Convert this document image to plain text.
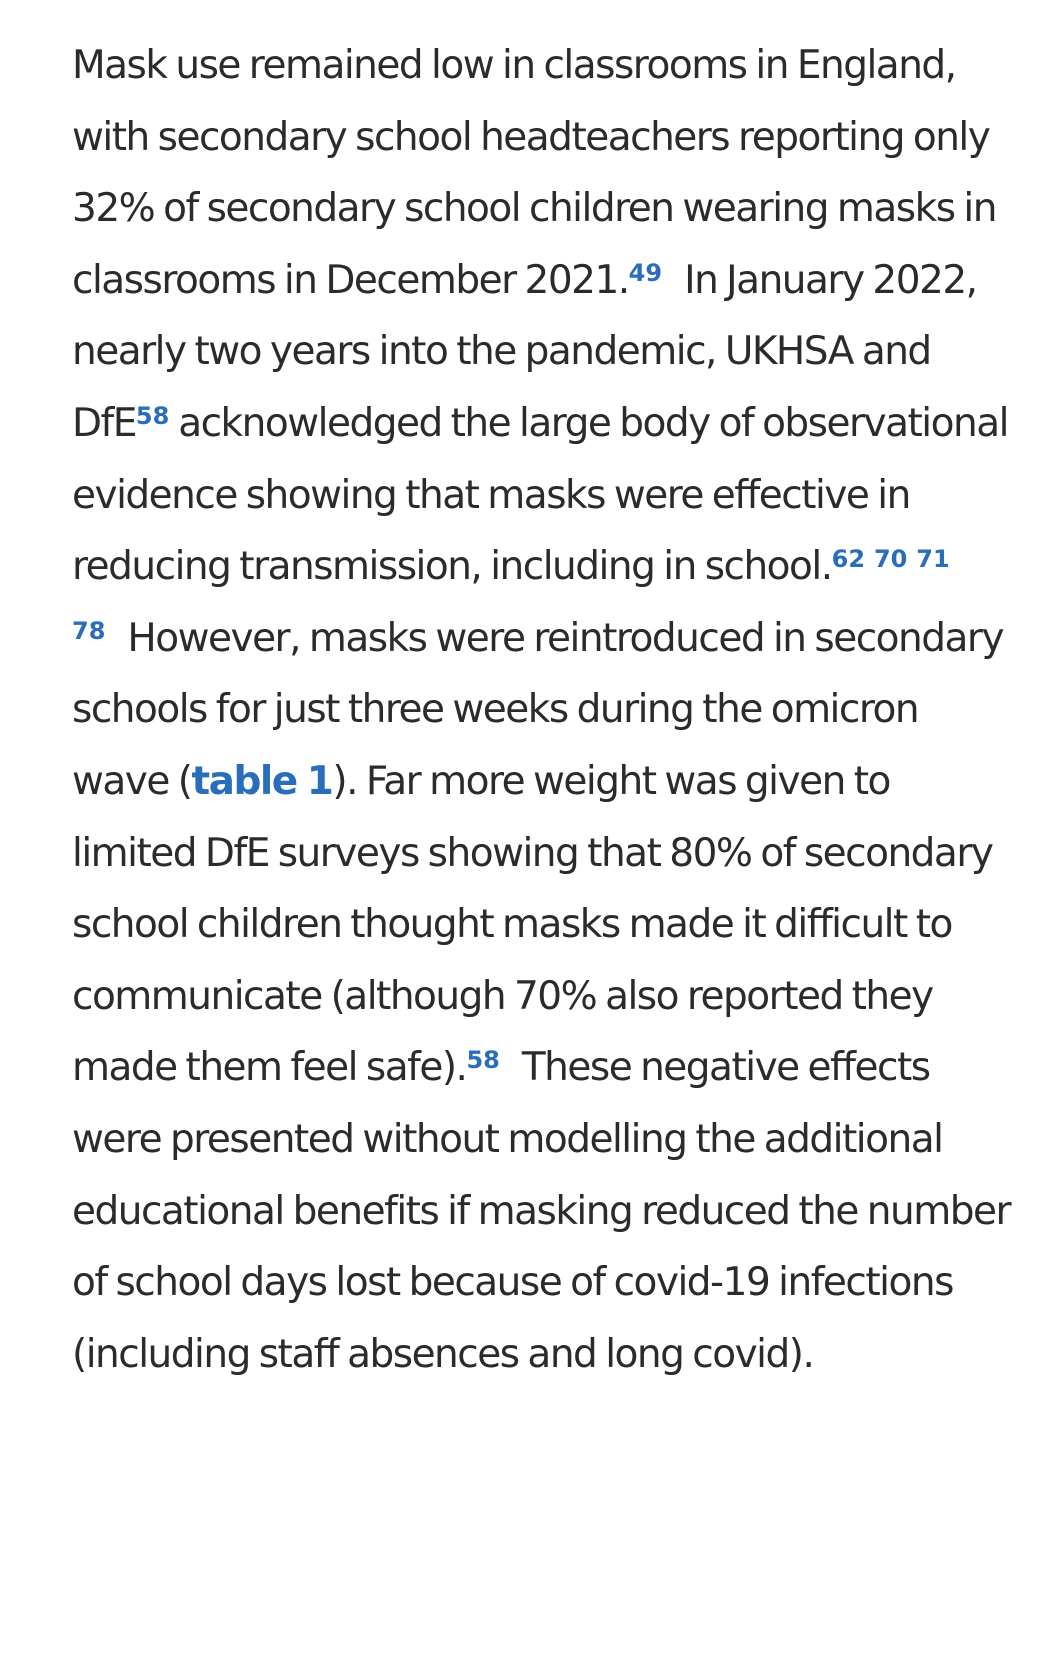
Mask use remained low in classrooms in England, with secondary school headteachers reporting only 32% of secondary school children wearing masks in classrooms in December 2021.49 In January 2022, nearly two years into the pandemic, UKHSA and DfE$^{58}$ acknowledged the large body of observational evidence showing that masks were effective in reducing transmission, including in school.$^{62}$ $^{70}$ $^{71}$ $^{78}$ However, masks were reintroduced in secondary schools for just three weeks during the omicron wave (table 1). Far more weight was given to limited DfE surveys showing that 80% of secondary school children thought masks made it difficult to communicate (although 70% also reported they made them feel safe).$^{58}$ These negative effects were presented without modelling the additional educational benefits if masking reduced the number of school days lost because of covid-19 infections (including staff absences and long covid).
